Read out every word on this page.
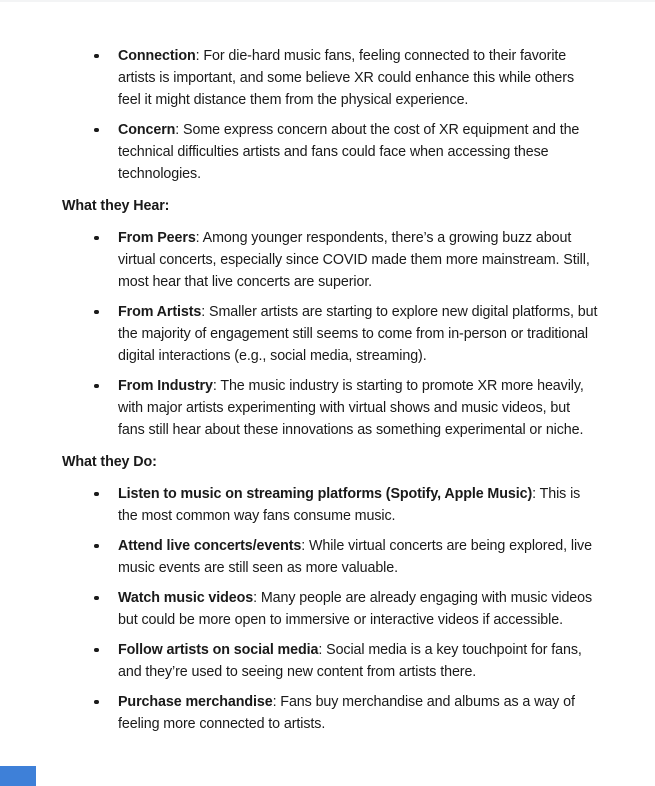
Connection: For die-hard music fans, feeling connected to their favorite artists is important, and some believe XR could enhance this while others feel it might distance them from the physical experience.
Concern: Some express concern about the cost of XR equipment and the technical difficulties artists and fans could face when accessing these technologies.
What they Hear:
From Peers: Among younger respondents, there’s a growing buzz about virtual concerts, especially since COVID made them more mainstream. Still, most hear that live concerts are superior.
From Artists: Smaller artists are starting to explore new digital platforms, but the majority of engagement still seems to come from in-person or traditional digital interactions (e.g., social media, streaming).
From Industry: The music industry is starting to promote XR more heavily, with major artists experimenting with virtual shows and music videos, but fans still hear about these innovations as something experimental or niche.
What they Do:
Listen to music on streaming platforms (Spotify, Apple Music): This is the most common way fans consume music.
Attend live concerts/events: While virtual concerts are being explored, live music events are still seen as more valuable.
Watch music videos: Many people are already engaging with music videos but could be more open to immersive or interactive videos if accessible.
Follow artists on social media: Social media is a key touchpoint for fans, and they’re used to seeing new content from artists there.
Purchase merchandise: Fans buy merchandise and albums as a way of feeling more connected to artists.
